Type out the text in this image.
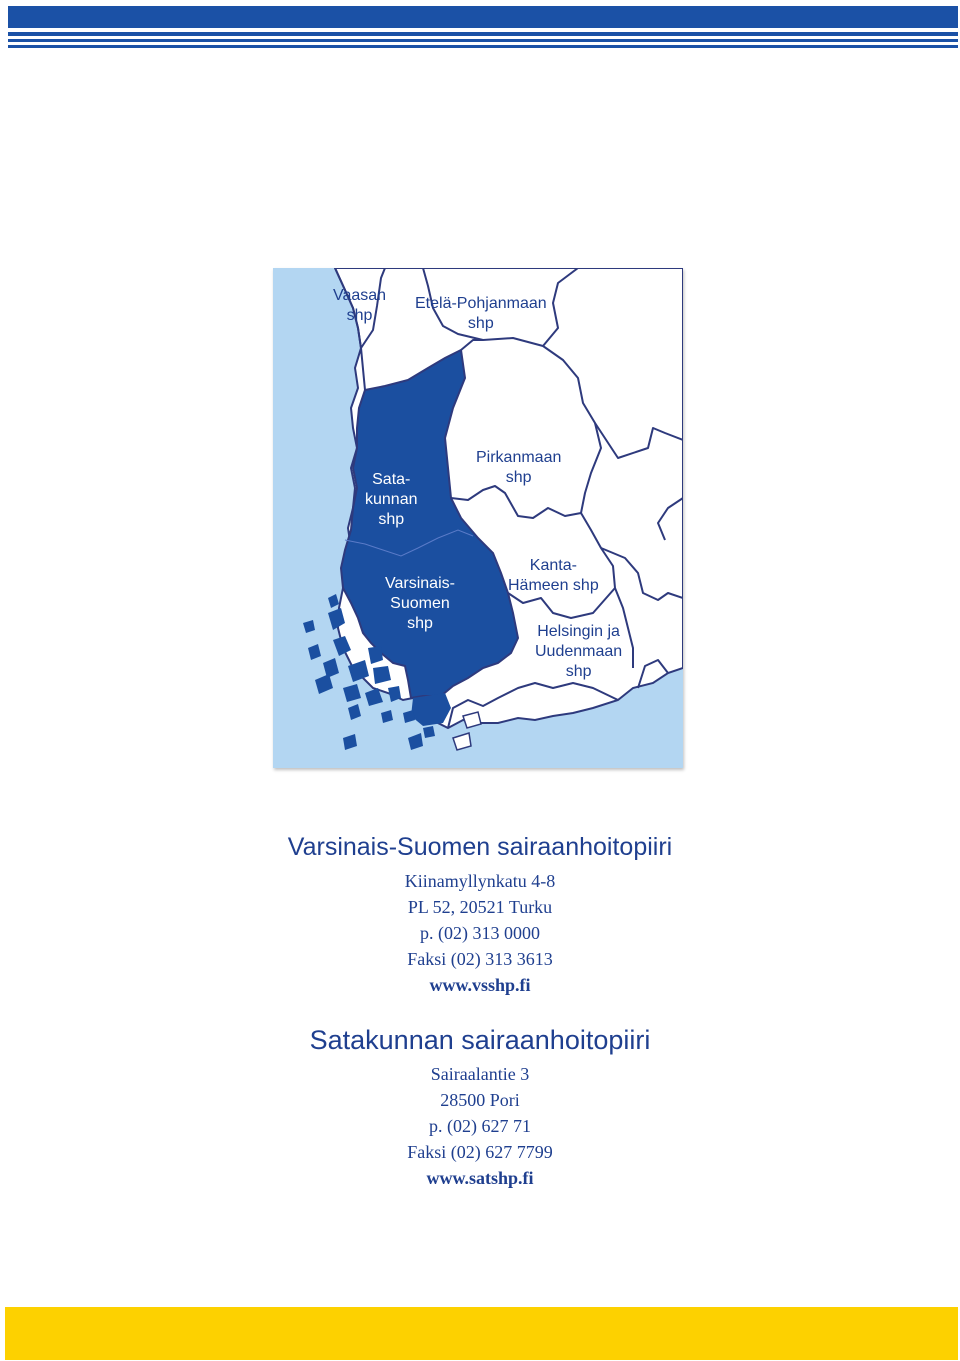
Vaasan
shp
Etelä-Pohjanmaan
shp
Sata-
kunnan
shp
Pirkanmaan
shp
Varsinais-
Suomen
shp
Kanta-
Hämeen shp
Helsingin ja
Uudenmaan
shp
Varsinais-Suomen sairaanhoitopiiri
Kiinamyllynkatu 4-8
PL 52, 20521 Turku
p. (02) 313 0000
Faksi (02) 313 3613
www.vsshp.fi
Satakunnan sairaanhoitopiiri
Sairaalantie 3
28500 Pori
p. (02) 627 71
Faksi (02) 627 7799
www.satshp.fi
